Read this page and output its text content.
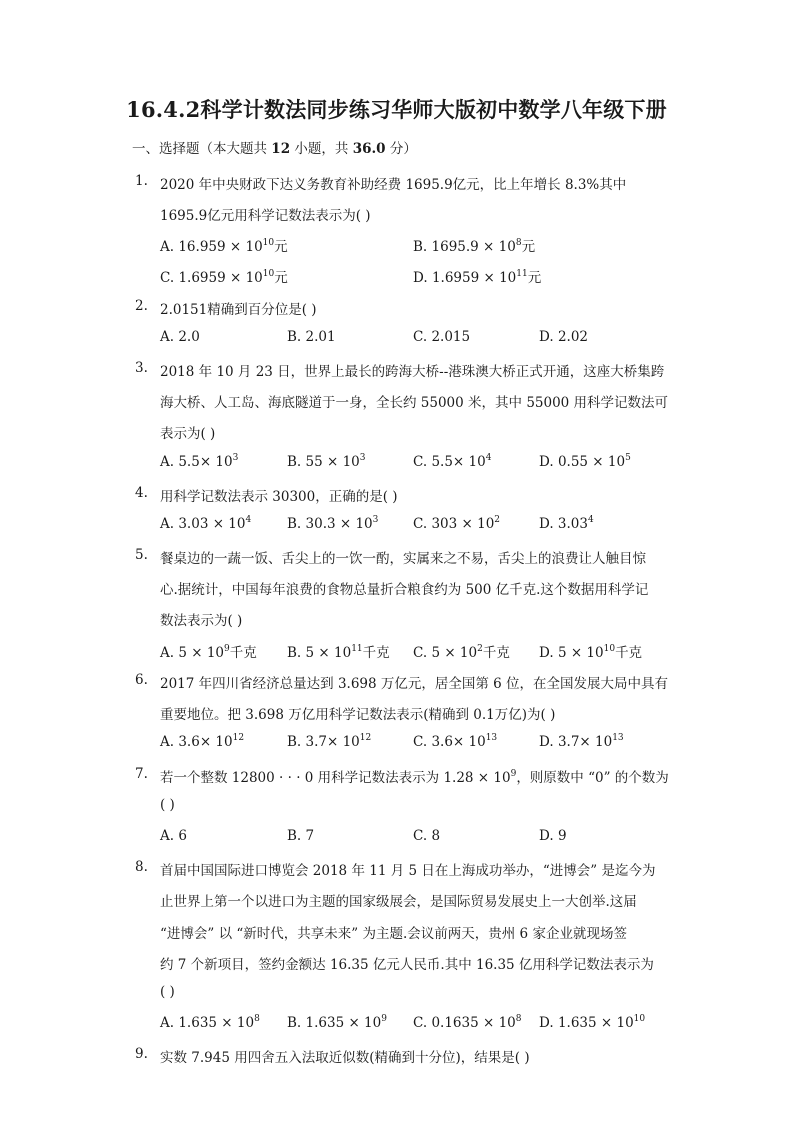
16.4.2科学计数法同步练习华师大版初中数学八年级下册
一、选择题（本大题共 12 小题，共 36.0 分）
1. 2020 年中央财政下达义务教育补助经费 1695.9亿元，比上年增长 8.3%其中
1695.9亿元用科学记数法表示为( )
A. $16.959 \times 10^{10}$元	B. $1695.9 \times 10^8$元
C. $1.6959 \times 10^{10}$元	D. $1.6959 \times 10^{11}$元
2. 2.0151精确到百分位是( )
A. 2.0	B. 2.01	C. 2.015	D. 2.02
3. 2018 年 10 月 23 日，世界上最长的跨海大桥--港珠澳大桥正式开通，这座大桥集跨
海大桥、人工岛、海底隧道于一身，全长约 55000 米，其中 55000 用科学记数法可
表示为( )
A. $5.5\times 10^3$	B. $55 \times 10^3$	C. $5.5\times 10^4$	D. $0.55 \times 10^5$
4. 用科学记数法表示 30300，正确的是( )
A. $3.03 \times 10^4$	B. $30.3 \times 10^3$	C. $303 \times 10^2$	D. 3.03$^4$
5. 餐桌边的一蔬一饭、舌尖上的一饮一酌，实属来之不易，舌尖上的浪费让人触目惊
心.据统计，中国每年浪费的食物总量折合粮食约为 500 亿千克.这个数据用科学记
数法表示为( )
A. $5 \times 10^9$千克 B. $5 \times 10^{11}$千克 C. $5 \times 10^2$千克 D. $5 \times 10^{10}$千克
6. 2017 年四川省经济总量达到 3.698 万亿元，居全国第 6 位，在全国发展大局中具有
重要地位。把 3.698 万亿用科学记数法表示(精确到 0.1万亿)为( )
A. $3.6\times 10^{12}$	B. $3.7\times 10^{12}$	C. $3.6\times 10^{13}$	D. $3.7\times 10^{13}$
7. 若一个整数 12800 · · · 0 用科学记数法表示为 $1.28 \times 10^9$，则原数中 “0” 的个数为
( )
A. 6	B. 7	C. 8	D. 9
8. 首届中国国际进口博览会 2018 年 11 月 5 日在上海成功举办，“进博会” 是迄今为
止世界上第一个以进口为主题的国家级展会，是国际贸易发展史上一大创举.这届
“进博会” 以 “新时代，共享未来” 为主题.会议前两天，贵州 6 家企业就现场签
约 7 个新项目，签约金额达 16.35 亿元人民币.其中 16.35 亿用科学记数法表示为
( )
A. $1.635 \times 10^8$ B. $1.635 \times 10^9$ C. $0.1635 \times 10^8$ D. $1.635 \times 10^{10}$
9. 实数 7.945 用四舍五入法取近似数(精确到十分位)，结果是( )
